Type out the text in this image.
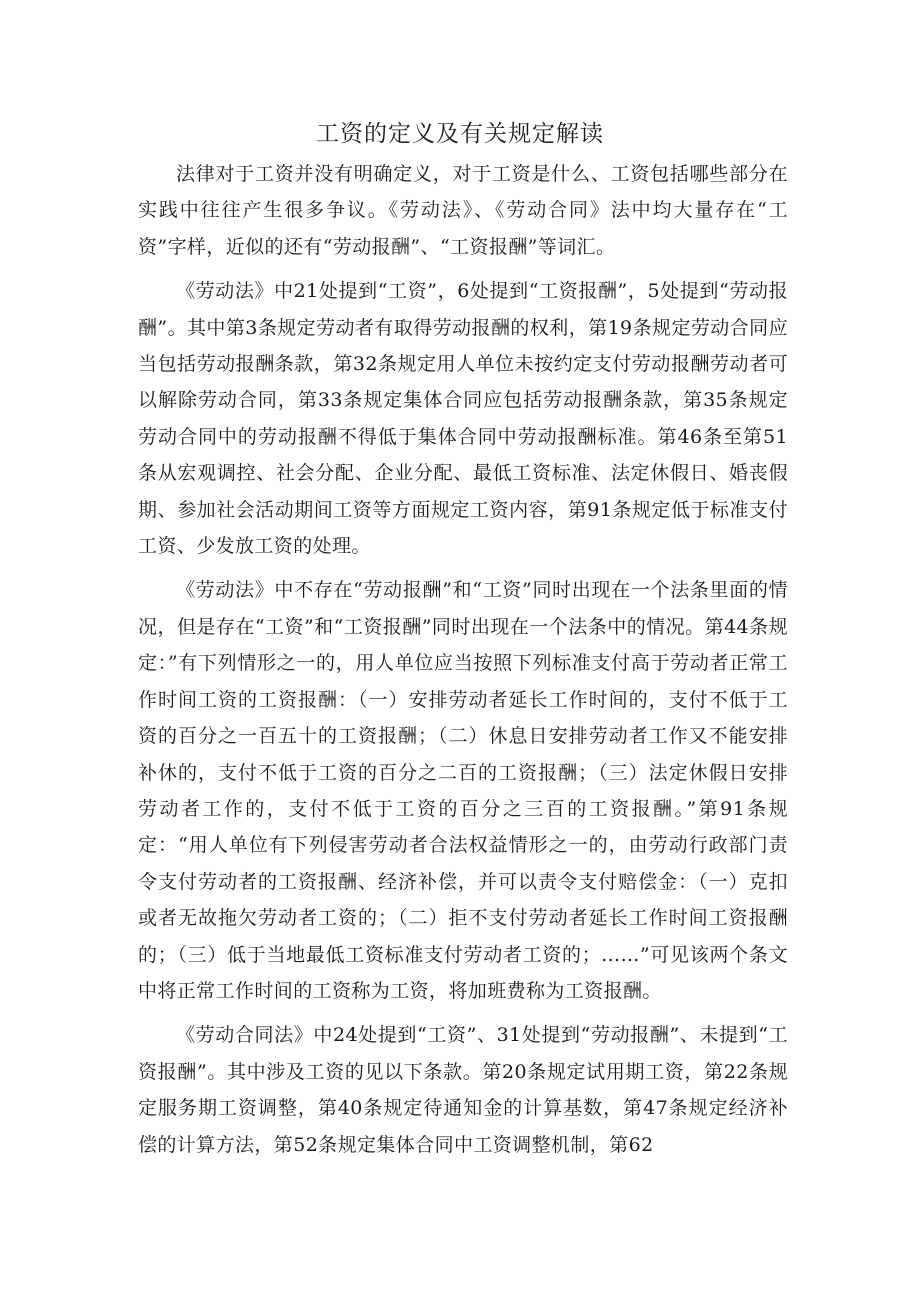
工资的定义及有关规定解读

法律对于工资并没有明确定义，对于工资是什么、工资包括哪些部分在实践中往往产生很多争议。《劳动法》、《劳动合同》法中均大量存在“工资”字样，近似的还有“劳动报酬”、“工资报酬”等词汇。

《劳动法》中21处提到“工资”，6处提到“工资报酬”，5处提到“劳动报酬”。其中第3条规定劳动者有取得劳动报酬的权利，第19条规定劳动合同应当包括劳动报酬条款，第32条规定用人单位未按约定支付劳动报酬劳动者可以解除劳动合同，第33条规定集体合同应包括劳动报酬条款，第35条规定劳动合同中的劳动报酬不得低于集体合同中劳动报酬标准。第46条至第51条从宏观调控、社会分配、企业分配、最低工资标准、法定休假日、婚丧假期、参加社会活动期间工资等方面规定工资内容，第91条规定低于标准支付工资、少发放工资的处理。

《劳动法》中不存在“劳动报酬”和“工资”同时出现在一个法条里面的情况，但是存在“工资”和“工资报酬”同时出现在一个法条中的情况。第44条规定：”有下列情形之一的，用人单位应当按照下列标准支付高于劳动者正常工作时间工资的工资报酬：（一）安排劳动者延长工作时间的，支付不低于工资的百分之一百五十的工资报酬；（二）休息日安排劳动者工作又不能安排补休的，支付不低于工资的百分之二百的工资报酬；（三）法定休假日安排劳动者工作的，支付不低于工资的百分之三百的工资报酬。”第91条规定：“用人单位有下列侵害劳动者合法权益情形之一的，由劳动行政部门责令支付劳动者的工资报酬、经济补偿，并可以责令支付赔偿金：（一）克扣或者无故拖欠劳动者工资的；（二）拒不支付劳动者延长工作时间工资报酬的；（三）低于当地最低工资标准支付劳动者工资的；……”可见该两个条文中将正常工作时间的工资称为工资，将加班费称为工资报酬。

《劳动合同法》中24处提到“工资”、31处提到“劳动报酬”、未提到“工资报酬”。其中涉及工资的见以下条款。第20条规定试用期工资，第22条规定服务期工资调整，第40条规定待通知金的计算基数，第47条规定经济补偿的计算方法，第52条规定集体合同中工资调整机制，第62
